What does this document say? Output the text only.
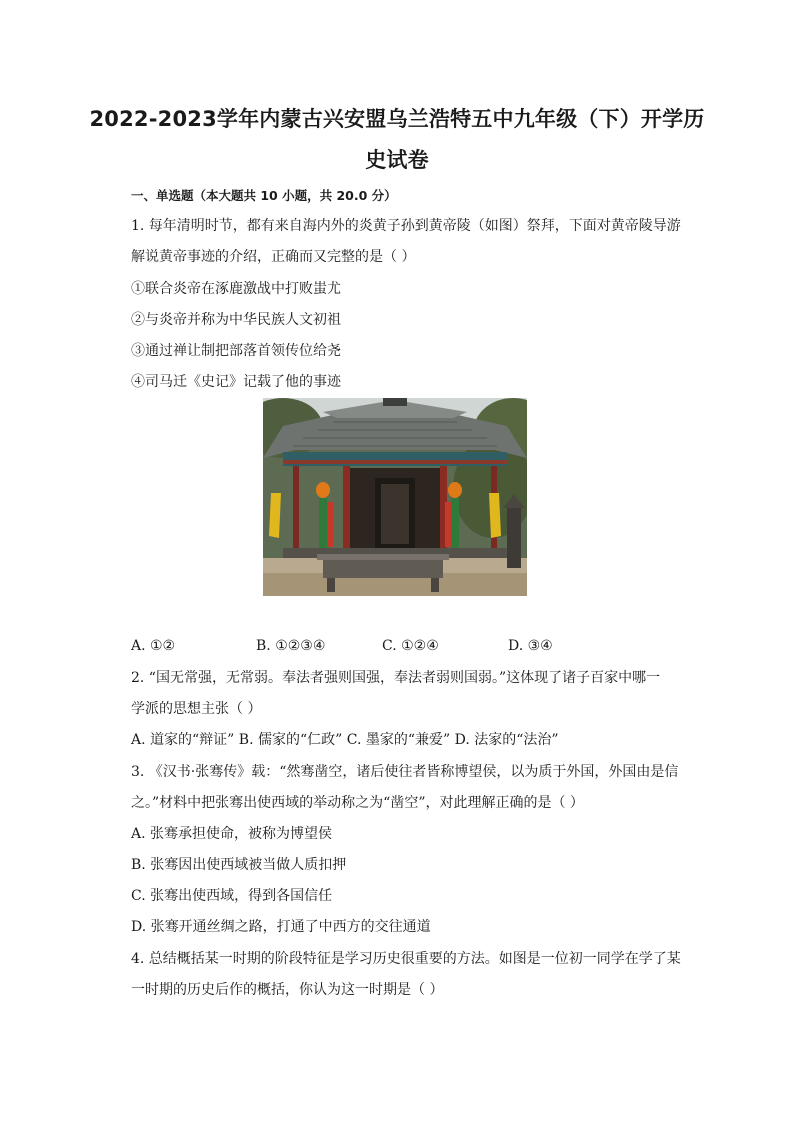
2022-2023学年内蒙古兴安盟乌兰浩特五中九年级（下）开学历
史试卷
一、单选题（本大题共 10 小题，共 20.0 分）
1. 每年清明时节，都有来自海内外的炎黄子孙到黄帝陵（如图）祭拜，下面对黄帝陵导游
解说黄帝事迹的介绍，正确而又完整的是（ ）
①联合炎帝在涿鹿激战中打败蚩尤
②与炎帝并称为中华民族人文初祖
③通过禅让制把部落首领传位给尧
④司马迁《史记》记载了他的事迹
A. ①②	B. ①②③④	C. ①②④	D. ③④
2. “国无常强，无常弱。奉法者强则国强，奉法者弱则国弱。”这体现了诸子百家中哪一
学派的思想主张（ ）
A. 道家的“辩证” B. 儒家的“仁政” C. 墨家的“兼爱” D. 法家的“法治”
3. 《汉书·张骞传》载：“然骞凿空，诸后使往者皆称博望侯，以为质于外国，外国由是信
之。”材料中把张骞出使西域的举动称之为“凿空”，对此理解正确的是（ ）
A. 张骞承担使命，被称为博望侯
B. 张骞因出使西域被当做人质扣押
C. 张骞出使西域，得到各国信任
D. 张骞开通丝绸之路，打通了中西方的交往通道
4. 总结概括某一时期的阶段特征是学习历史很重要的方法。如图是一位初一同学在学了某
一时期的历史后作的概括，你认为这一时期是（ ）
